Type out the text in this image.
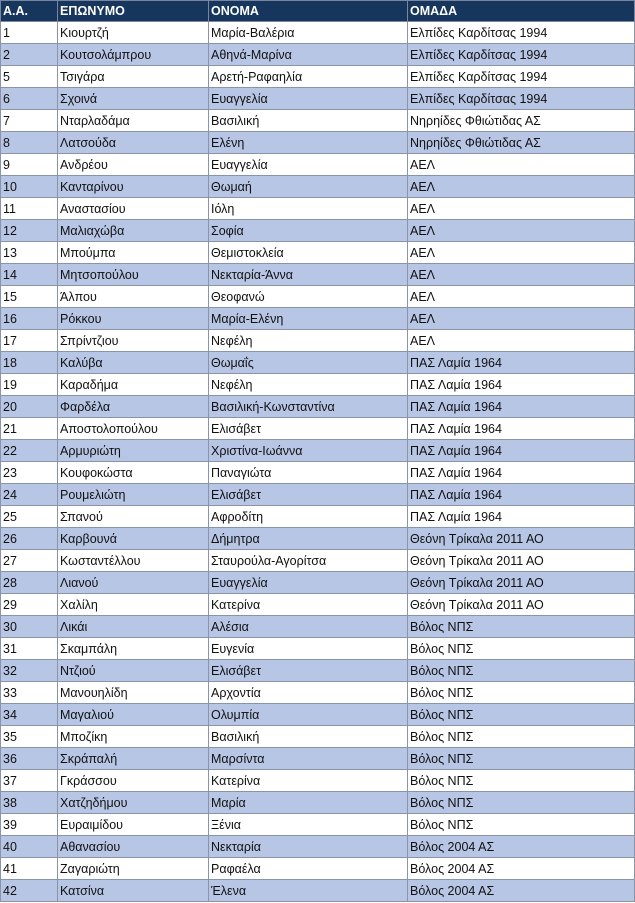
Α.Α.	ΕΠΩΝΥΜΟ	ΟΝΟΜΑ	ΟΜΑΔΑ
1	Κιουρτζή	Μαρία-Βαλέρια	Ελπίδες Καρδίτσας 1994
2	Κουτσολάμπρου	Αθηνά-Μαρίνα	Ελπίδες Καρδίτσας 1994
5	Τσιγάρα	Αρετή-Ραφαηλία	Ελπίδες Καρδίτσας 1994
6	Σχοινά	Ευαγγελία	Ελπίδες Καρδίτσας 1994
7	Νταρλαδάμα	Βασιλική	Νηρηίδες Φθιώτιδας ΑΣ
8	Λατσούδα	Ελένη	Νηρηίδες Φθιώτιδας ΑΣ
9	Ανδρέου	Ευαγγελία	ΑΕΛ
10	Κανταρίνου	Θωμαή	ΑΕΛ
11	Αναστασίου	Ιόλη	ΑΕΛ
12	Μαλιαχώβα	Σοφία	ΑΕΛ
13	Μπούμπα	Θεμιστοκλεία	ΑΕΛ
14	Μητσοπούλου	Νεκταρία-Άννα	ΑΕΛ
15	Άλπου	Θεοφανώ	ΑΕΛ
16	Ρόκκου	Μαρία-Ελένη	ΑΕΛ
17	Σπρίντζιου	Νεφέλη	ΑΕΛ
18	Καλύβα	Θωμαΐς	ΠΑΣ Λαμία 1964
19	Καραδήμα	Νεφέλη	ΠΑΣ Λαμία 1964
20	Φαρδέλα	Βασιλική-Κωνσταντίνα	ΠΑΣ Λαμία 1964
21	Αποστολοπούλου	Ελισάβετ	ΠΑΣ Λαμία 1964
22	Αρμυριώτη	Χριστίνα-Ιωάννα	ΠΑΣ Λαμία 1964
23	Κουφοκώστα	Παναγιώτα	ΠΑΣ Λαμία 1964
24	Ρουμελιώτη	Ελισάβετ	ΠΑΣ Λαμία 1964
25	Σπανού	Αφροδίτη	ΠΑΣ Λαμία 1964
26	Καρβουνά	Δήμητρα	Θεόνη Τρίκαλα 2011 ΑΟ
27	Κωσταντέλλου	Σταυρούλα-Αγορίτσα	Θεόνη Τρίκαλα 2011 ΑΟ
28	Λιανού	Ευαγγελία	Θεόνη Τρίκαλα 2011 ΑΟ
29	Χαλίλη	Κατερίνα	Θεόνη Τρίκαλα 2011 ΑΟ
30	Λικάι	Αλέσια	Βόλος ΝΠΣ
31	Σκαμπάλη	Ευγενία	Βόλος ΝΠΣ
32	Ντζιού	Ελισάβετ	Βόλος ΝΠΣ
33	Μανουηλίδη	Αρχοντία	Βόλος ΝΠΣ
34	Μαγαλιού	Ολυμπία	Βόλος ΝΠΣ
35	Μποζίκη	Βασιλική	Βόλος ΝΠΣ
36	Σκράπαλή	Μαρσίντα	Βόλος ΝΠΣ
37	Γκράσσου	Κατερίνα	Βόλος ΝΠΣ
38	Χατζηδήμου	Μαρία	Βόλος ΝΠΣ
39	Ευραιμίδου	Ξένια	Βόλος ΝΠΣ
40	Αθανασίου	Νεκταρία	Βόλος 2004 ΑΣ
41	Ζαγαριώτη	Ραφαέλα	Βόλος 2004 ΑΣ
42	Κατσίνα	Έλενα	Βόλος 2004 ΑΣ
